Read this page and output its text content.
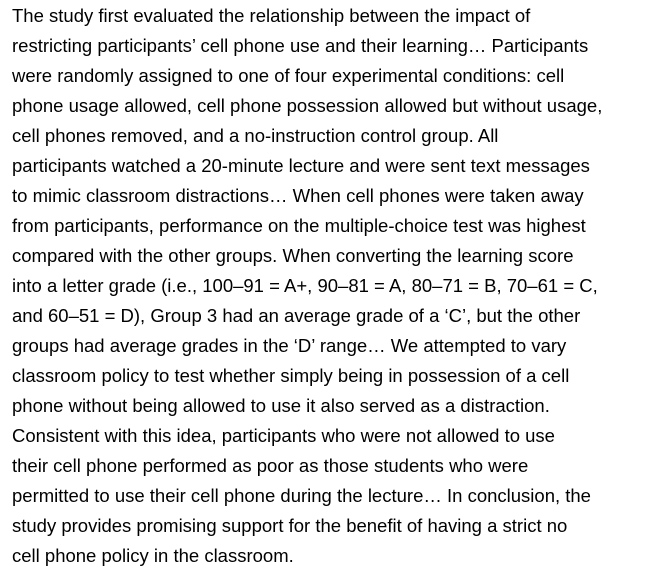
The study first evaluated the relationship between the impact of
restricting participants’ cell phone use and their learning… Participants
were randomly assigned to one of four experimental conditions: cell
phone usage allowed, cell phone possession allowed but without usage,
cell phones removed, and a no-instruction control group. All
participants watched a 20-minute lecture and were sent text messages
to mimic classroom distractions… When cell phones were taken away
from participants, performance on the multiple-choice test was highest
compared with the other groups. When converting the learning score
into a letter grade (i.e., 100–91 = A+, 90–81 = A, 80–71 = B, 70–61 = C,
and 60–51 = D), Group 3 had an average grade of a ‘C’, but the other
groups had average grades in the ‘D’ range… We attempted to vary
classroom policy to test whether simply being in possession of a cell
phone without being allowed to use it also served as a distraction.
Consistent with this idea, participants who were not allowed to use
their cell phone performed as poor as those students who were
permitted to use their cell phone during the lecture… In conclusion, the
study provides promising support for the benefit of having a strict no
cell phone policy in the classroom.
